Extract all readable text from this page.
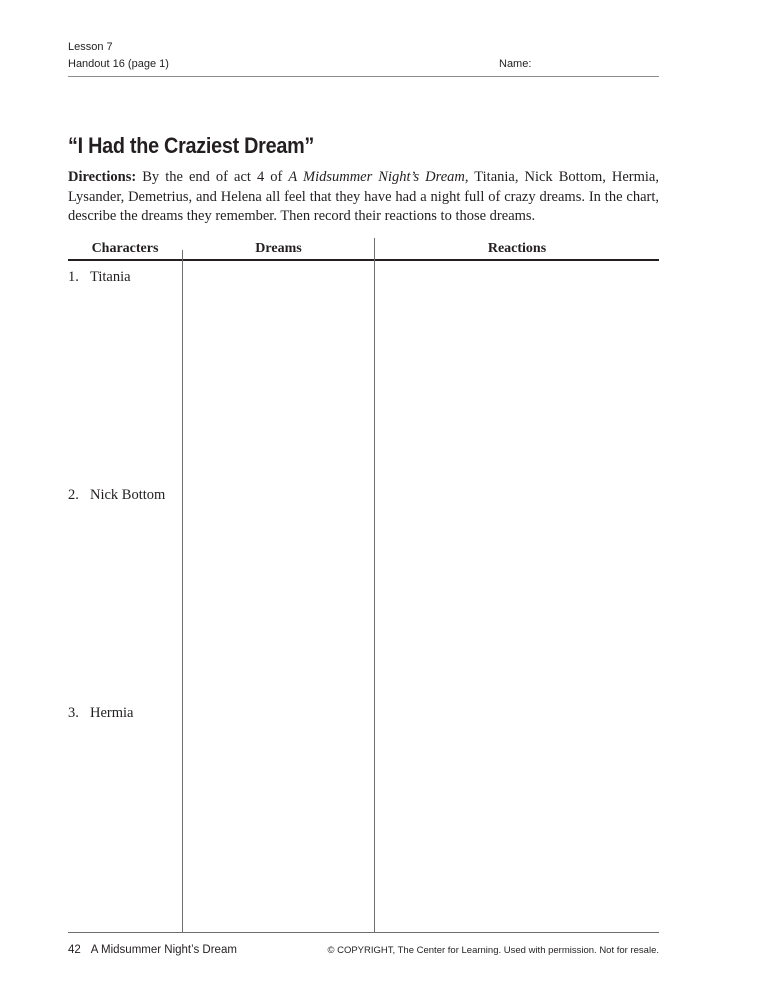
Lesson 7
Handout 16 (page 1)	Name:
“I Had the Craziest Dream”
Directions: By the end of act 4 of A Midsummer Night’s Dream, Titania, Nick Bottom, Hermia, Lysander, Demetrius, and Helena all feel that they have had a night full of crazy dreams. In the chart, describe the dreams they remember. Then record their reactions to those dreams.
Characters	Dreams	Reactions
1. Titania
2. Nick Bottom
3. Hermia
42 A Midsummer Night’s Dream	© COPYRIGHT, The Center for Learning. Used with permission. Not for resale.
